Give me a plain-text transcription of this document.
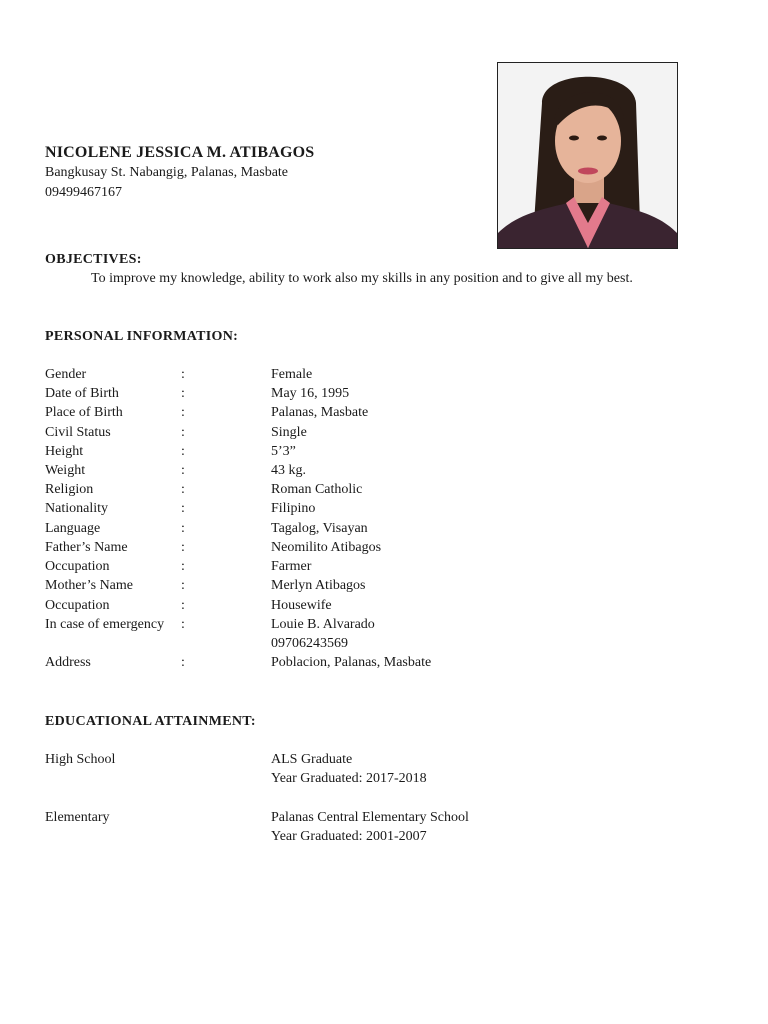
NICOLENE JESSICA M. ATIBAGOS
Bangkusay St. Nabangig, Palanas, Masbate
09499467167
OBJECTIVES:
To improve my knowledge, ability to work also my skills in any position and to give all my best.
PERSONAL INFORMATION:
Gender	:	Female
Date of Birth	:	May 16, 1995
Place of Birth	:	Palanas, Masbate
Civil Status	:	Single
Height	:	5’3”
Weight	:	43 kg.
Religion	:	Roman Catholic
Nationality	:	Filipino
Language	:	Tagalog, Visayan
Father’s Name	:	Neomilito Atibagos
Occupation	:	Farmer
Mother’s Name	:	Merlyn Atibagos
Occupation	:	Housewife
In case of emergency :	Louie B. Alvarado
09706243569
Address	:	Poblacion, Palanas, Masbate
EDUCATIONAL ATTAINMENT:
High School	ALS Graduate
Year Graduated: 2017-2018
Elementary	Palanas Central Elementary School
Year Graduated: 2001-2007
